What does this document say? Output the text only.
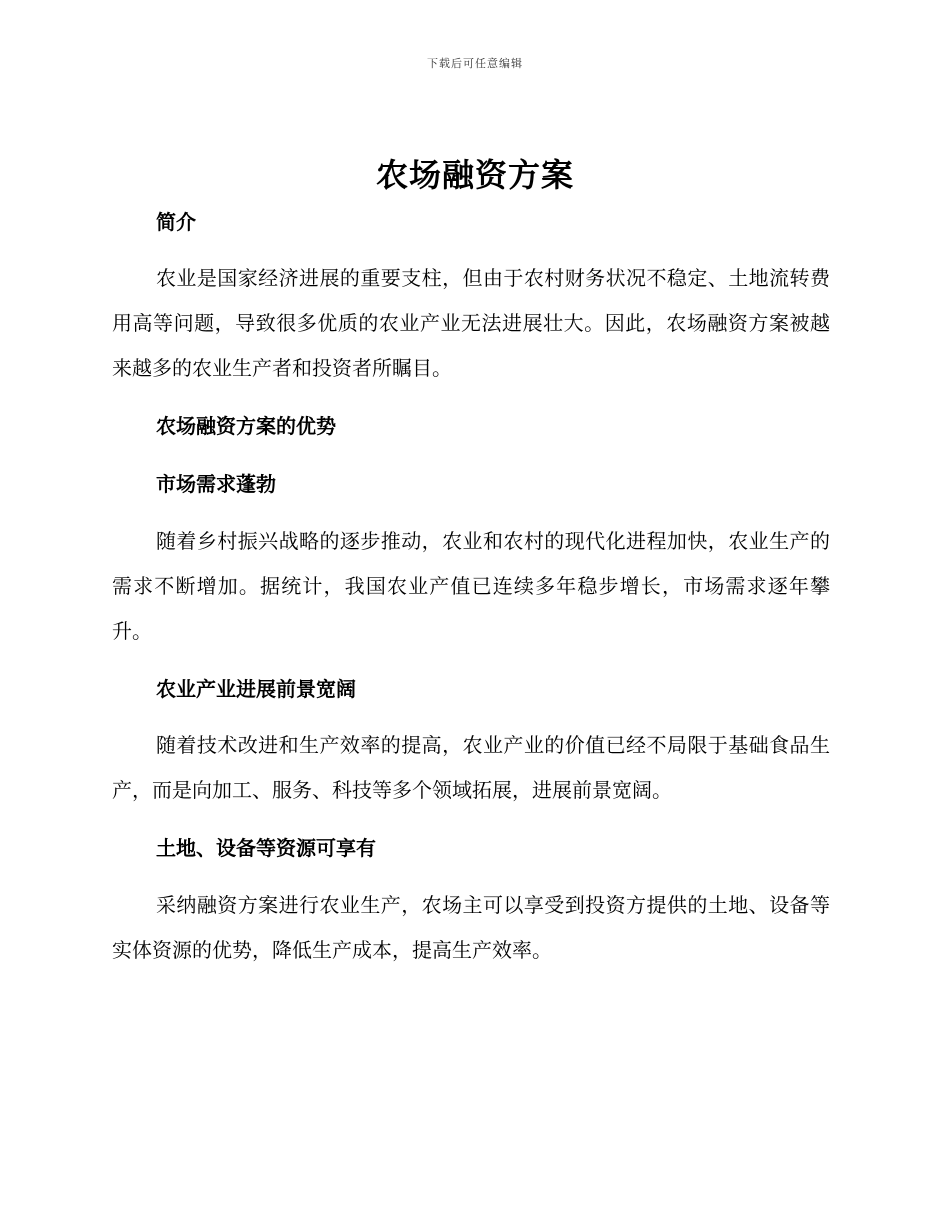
下载后可任意编辑
农场融资方案
简介

农业是国家经济进展的重要支柱，但由于农村财务状况不稳定、土地流转费用高等问题，导致很多优质的农业产业无法进展壮大。因此，农场融资方案被越来越多的农业生产者和投资者所瞩目。

农场融资方案的优势
市场需求蓬勃

随着乡村振兴战略的逐步推动，农业和农村的现代化进程加快，农业生产的需求不断增加。据统计，我国农业产值已连续多年稳步增长，市场需求逐年攀升。

农业产业进展前景宽阔

随着技术改进和生产效率的提高，农业产业的价值已经不局限于基础食品生产，而是向加工、服务、科技等多个领域拓展，进展前景宽阔。

土地、设备等资源可享有

采纳融资方案进行农业生产，农场主可以享受到投资方提供的土地、设备等实体资源的优势，降低生产成本，提高生产效率。
